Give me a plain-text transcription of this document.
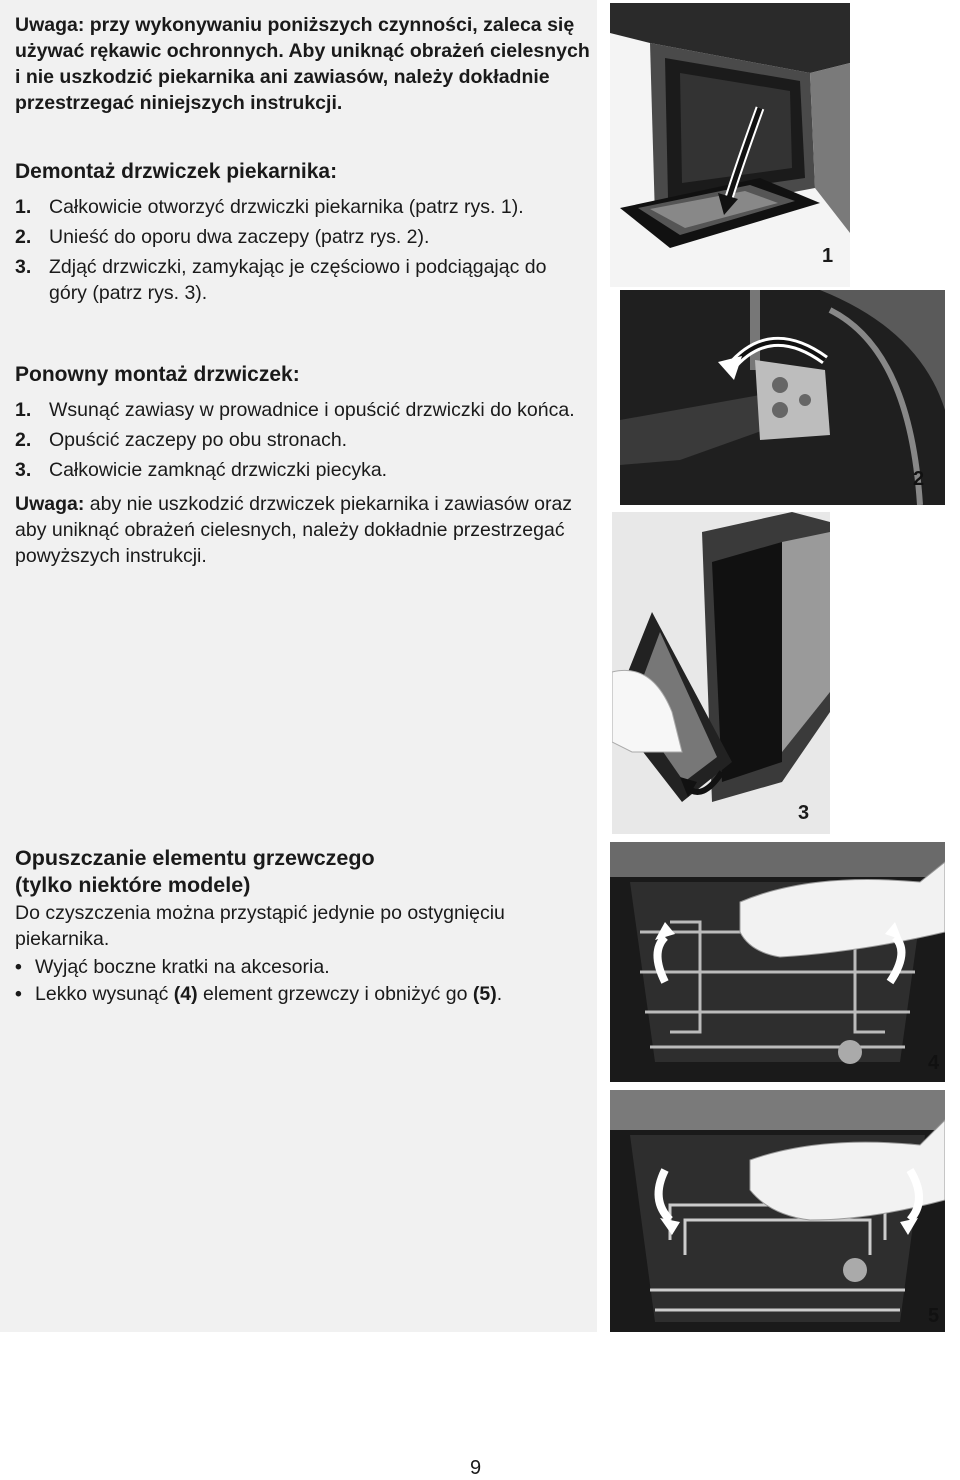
Uwaga: przy wykonywaniu poniższych czynności, zaleca się używać rękawic ochronnych. Aby uniknąć obrażeń cielesnych i nie uszkodzić piekarnika ani zawiasów, należy dokładnie przestrzegać niniejszych instrukcji.
Demontaż drzwiczek piekarnika:
1. Całkowicie otworzyć drzwiczki piekarnika (patrz rys. 1).
2. Unieść do oporu dwa zaczepy (patrz rys. 2).
3. Zdjąć drzwiczki, zamykając je częściowo i podciągając do góry (patrz rys. 3).
Ponowny montaż drzwiczek:
1. Wsunąć zawiasy w prowadnice i opuścić drzwiczki do końca.
2. Opuścić zaczepy po obu stronach.
3. Całkowicie zamknąć drzwiczki piecyka.
Uwaga: aby nie uszkodzić drzwiczek piekarnika i zawiasów oraz aby uniknąć obrażeń cielesnych, należy dokładnie przestrzegać powyższych instrukcji.
Opuszczanie elementu grzewczego
(tylko niektóre modele)
Do czyszczenia można przystąpić jedynie po ostygnięciu piekarnika.
• Wyjąć boczne kratki na akcesoria.
• Lekko wysunąć (4) element grzewczy i obniżyć go (5).
1
2
3
4
5
9
